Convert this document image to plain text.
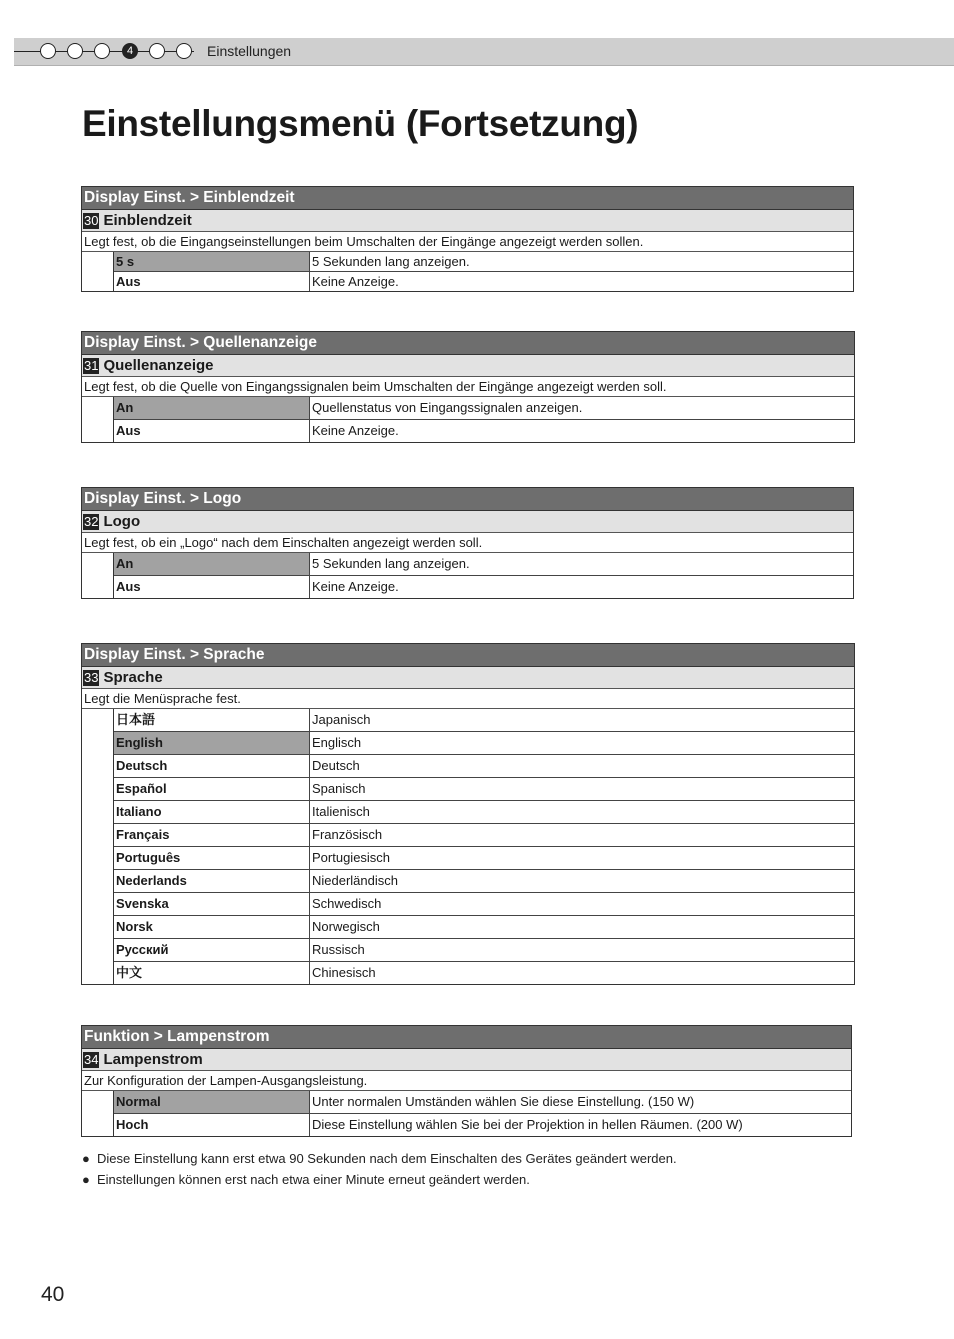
4	Einstellungen
Einstellungsmenü (Fortsetzung)
Display Einst. > Einblendzeit
30 Einblendzeit
Legt fest, ob die Eingangseinstellungen beim Umschalten der Eingänge angezeigt werden sollen.
5 s	5 Sekunden lang anzeigen.
Aus	Keine Anzeige.
Display Einst. > Quellenanzeige
31 Quellenanzeige
Legt fest, ob die Quelle von Eingangssignalen beim Umschalten der Eingänge angezeigt werden soll.
An	Quellenstatus von Eingangssignalen anzeigen.
Aus	Keine Anzeige.
Display Einst. > Logo
32 Logo
Legt fest, ob ein „Logo“ nach dem Einschalten angezeigt werden soll.
An	5 Sekunden lang anzeigen.
Aus	Keine Anzeige.
Display Einst. > Sprache
33 Sprache
Legt die Menüsprache fest.
日本語	Japanisch
English	Englisch
Deutsch	Deutsch
Español	Spanisch
Italiano	Italienisch
Français	Französisch
Português	Portugiesisch
Nederlands	Niederländisch
Svenska	Schwedisch
Norsk	Norwegisch
Русский	Russisch
中文	Chinesisch
Funktion > Lampenstrom
34 Lampenstrom
Zur Konfiguration der Lampen-Ausgangsleistung.
Normal	Unter normalen Umständen wählen Sie diese Einstellung. (150 W)
Hoch	Diese Einstellung wählen Sie bei der Projektion in hellen Räumen. (200 W)
● Diese Einstellung kann erst etwa 90 Sekunden nach dem Einschalten des Gerätes geändert werden.
● Einstellungen können erst nach etwa einer Minute erneut geändert werden.
40
